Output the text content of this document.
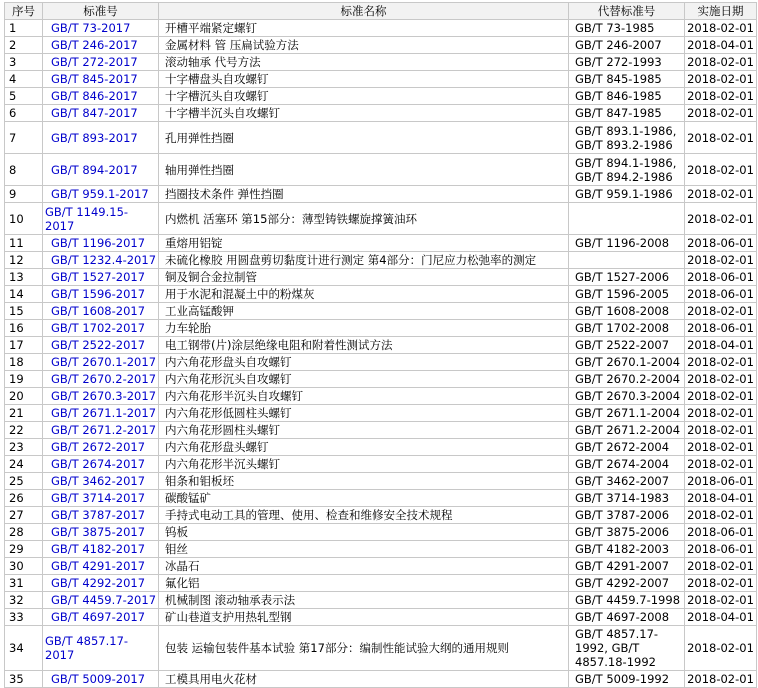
序号	标准号	标准名称	代替标准号	实施日期
1	GB/T 73-2017	开槽平端紧定螺钉	GB/T 73-1985	2018-02-01
2	GB/T 246-2017	金属材料 管 压扁试验方法	GB/T 246-2007	2018-04-01
3	GB/T 272-2017	滚动轴承 代号方法	GB/T 272-1993	2018-02-01
4	GB/T 845-2017	十字槽盘头自攻螺钉	GB/T 845-1985	2018-02-01
5	GB/T 846-2017	十字槽沉头自攻螺钉	GB/T 846-1985	2018-02-01
6	GB/T 847-2017	十字槽半沉头自攻螺钉	GB/T 847-1985	2018-02-01
7	GB/T 893-2017	孔用弹性挡圈	GB/T 893.1-1986, GB/T 893.2-1986	2018-02-01
8	GB/T 894-2017	轴用弹性挡圈	GB/T 894.1-1986, GB/T 894.2-1986	2018-02-01
9	GB/T 959.1-2017	挡圈技术条件 弹性挡圈	GB/T 959.1-1986	2018-02-01
10	GB/T 1149.15-2017	内燃机 活塞环 第15部分：薄型铸铁螺旋撑簧油环		2018-02-01
11	GB/T 1196-2017	重熔用铝锭	GB/T 1196-2008	2018-06-01
12	GB/T 1232.4-2017	未硫化橡胶 用圆盘剪切黏度计进行测定 第4部分：门尼应力松弛率的测定		2018-02-01
13	GB/T 1527-2017	铜及铜合金拉制管	GB/T 1527-2006	2018-06-01
14	GB/T 1596-2017	用于水泥和混凝土中的粉煤灰	GB/T 1596-2005	2018-06-01
15	GB/T 1608-2017	工业高锰酸钾	GB/T 1608-2008	2018-02-01
16	GB/T 1702-2017	力车轮胎	GB/T 1702-2008	2018-06-01
17	GB/T 2522-2017	电工钢带(片)涂层绝缘电阻和附着性测试方法	GB/T 2522-2007	2018-04-01
18	GB/T 2670.1-2017	内六角花形盘头自攻螺钉	GB/T 2670.1-2004	2018-02-01
19	GB/T 2670.2-2017	内六角花形沉头自攻螺钉	GB/T 2670.2-2004	2018-02-01
20	GB/T 2670.3-2017	内六角花形半沉头自攻螺钉	GB/T 2670.3-2004	2018-02-01
21	GB/T 2671.1-2017	内六角花形低圆柱头螺钉	GB/T 2671.1-2004	2018-02-01
22	GB/T 2671.2-2017	内六角花形圆柱头螺钉	GB/T 2671.2-2004	2018-02-01
23	GB/T 2672-2017	内六角花形盘头螺钉	GB/T 2672-2004	2018-02-01
24	GB/T 2674-2017	内六角花形半沉头螺钉	GB/T 2674-2004	2018-02-01
25	GB/T 3462-2017	钼条和钼板坯	GB/T 3462-2007	2018-06-01
26	GB/T 3714-2017	碳酸锰矿	GB/T 3714-1983	2018-04-01
27	GB/T 3787-2017	手持式电动工具的管理、使用、检查和维修安全技术规程	GB/T 3787-2006	2018-02-01
28	GB/T 3875-2017	钨板	GB/T 3875-2006	2018-06-01
29	GB/T 4182-2017	钼丝	GB/T 4182-2003	2018-06-01
30	GB/T 4291-2017	冰晶石	GB/T 4291-2007	2018-02-01
31	GB/T 4292-2017	氟化铝	GB/T 4292-2007	2018-02-01
32	GB/T 4459.7-2017	机械制图 滚动轴承表示法	GB/T 4459.7-1998	2018-02-01
33	GB/T 4697-2017	矿山巷道支护用热轧型钢	GB/T 4697-2008	2018-04-01
34	GB/T 4857.17-2017	包装 运输包装件基本试验 第17部分：编制性能试验大纲的通用规则	GB/T 4857.17-1992, GB/T 4857.18-1992	2018-02-01
35	GB/T 5009-2017	工模具用电火花材	GB/T 5009-1992	2018-02-01
